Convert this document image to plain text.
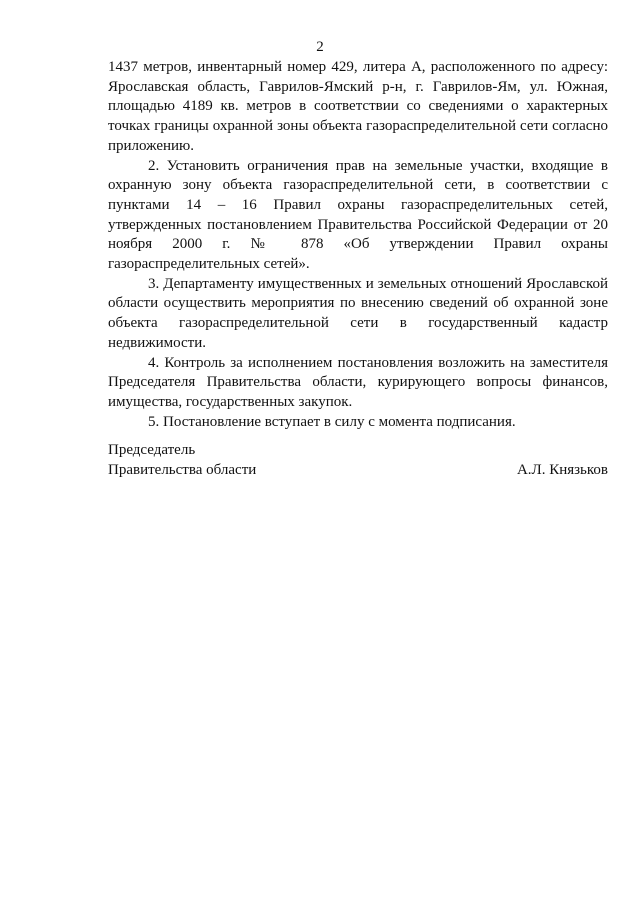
2

1437 метров, инвентарный номер 429, литера А, расположенного по адресу: Ярославская область, Гаврилов-Ямский р-н, г. Гаврилов-Ям, ул. Южная, площадью 4189 кв. метров в соответствии со сведениями о характерных точках границы охранной зоны объекта газораспределительной сети согласно приложению.

2. Установить ограничения прав на земельные участки, входящие в охранную зону объекта газораспределительной сети, в соответствии с пунктами 14 – 16 Правил охраны газораспределительных сетей, утвержденных постановлением Правительства Российской Федерации от 20 ноября 2000 г. № 878 «Об утверждении Правил охраны газораспределительных сетей».

3. Департаменту имущественных и земельных отношений Ярославской области осуществить мероприятия по внесению сведений об охранной зоне объекта газораспределительной сети в государственный кадастр недвижимости.

4. Контроль за исполнением постановления возложить на заместителя Председателя Правительства области, курирующего вопросы финансов, имущества, государственных закупок.

5. Постановление вступает в силу с момента подписания.

Председатель
Правительства области	А.Л. Князьков
